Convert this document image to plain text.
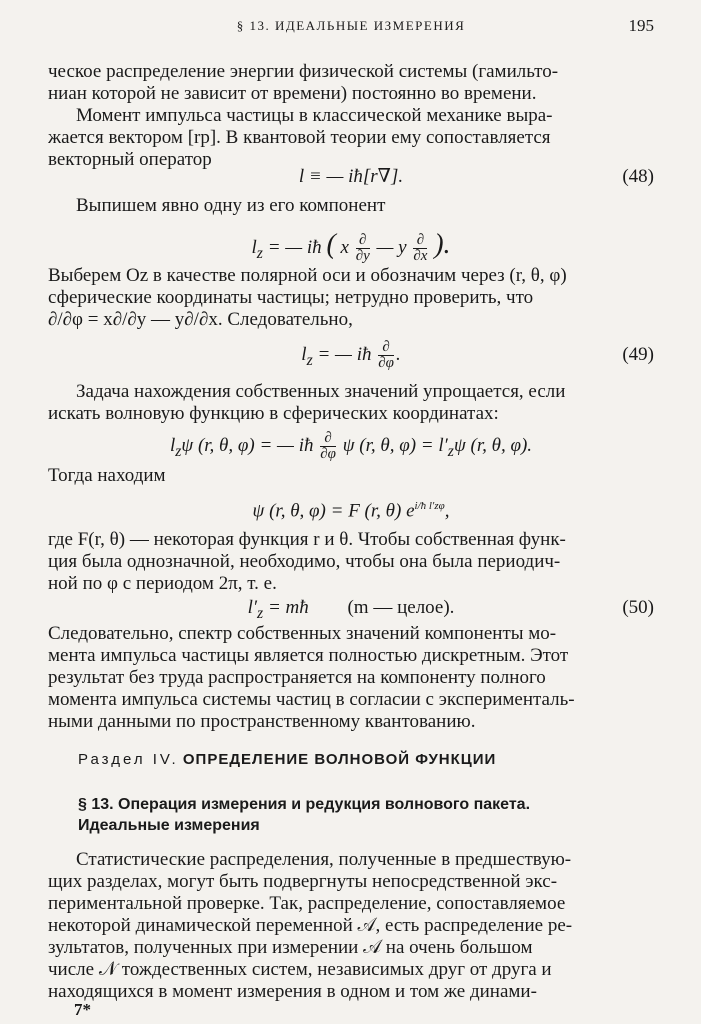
§ 13. ИДЕАЛЬНЫЕ ИЗМЕРЕНИЯ	195
ческое распределение энергии физической системы (гамильто-
ниан которой не зависит от времени) постоянно во времени.
Момент импульса частицы в классической механике выра-
жается вектором [rp]. В квантовой теории ему сопоставляется
векторный оператор
l ≡ — iħ[r∇].	(48)
Выпишем явно одну из его компонент
$l_z$ = — iħ ( x $\frac{\partial}{\partial y}$ — y $\frac{\partial}{\partial x}$ ).
Выберем Oz в качестве полярной оси и обозначим через (r, θ, φ)
сферические координаты частицы; нетрудно проверить, что
∂/∂φ = x∂/∂y — y∂/∂x. Следовательно,
$l_z$ = — iħ $\frac{\partial}{\partial\varphi}$ .	(49)
Задача нахождения собственных значений упрощается, если
искать волновую функцию в сферических координатах:
$l_z\psi$ (r, θ, φ) = — iħ $\frac{\partial}{\partial\varphi}$ ψ (r, θ, $\varphi) = l'_z\psi$ (r, θ, φ).
Тогда находим
ψ (r, θ, φ) = F (r, θ) $e^{i/ħ l'z\varphi}$,
где F(r, θ) — некоторая функция r и θ. Чтобы собственная функ-
ция была однозначной, необходимо, чтобы она была периодич-
ной по φ с периодом 2π, т. е.
$l'_z$ = mħ (m — целое).	(50)
Следовательно, спектр собственных значений компоненты мо-
мента импульса частицы является полностью дискретным. Этот
результат без труда распространяется на компоненту полного
момента импульса системы частиц в согласии с эксперименталь-
ными данными по пространственному квантованию.
Раздел IV. ОПРЕДЕЛЕНИЕ ВОЛНОВОЙ ФУНКЦИИ
§ 13. Операция измерения и редукция волнового пакета.
Идеальные измерения
Статистические распределения, полученные в предшествую-
щих разделах, могут быть подвергнуты непосредственной экс-
периментальной проверке. Так, распределение, сопоставляемое
некоторой динамической переменной 𝒜, есть распределение ре-
зультатов, полученных при измерении 𝒜 на очень большом
числе 𝒩 тождественных систем, независимых друг от друга и
находящихся в момент измерения в одном и том же динами-
7*
